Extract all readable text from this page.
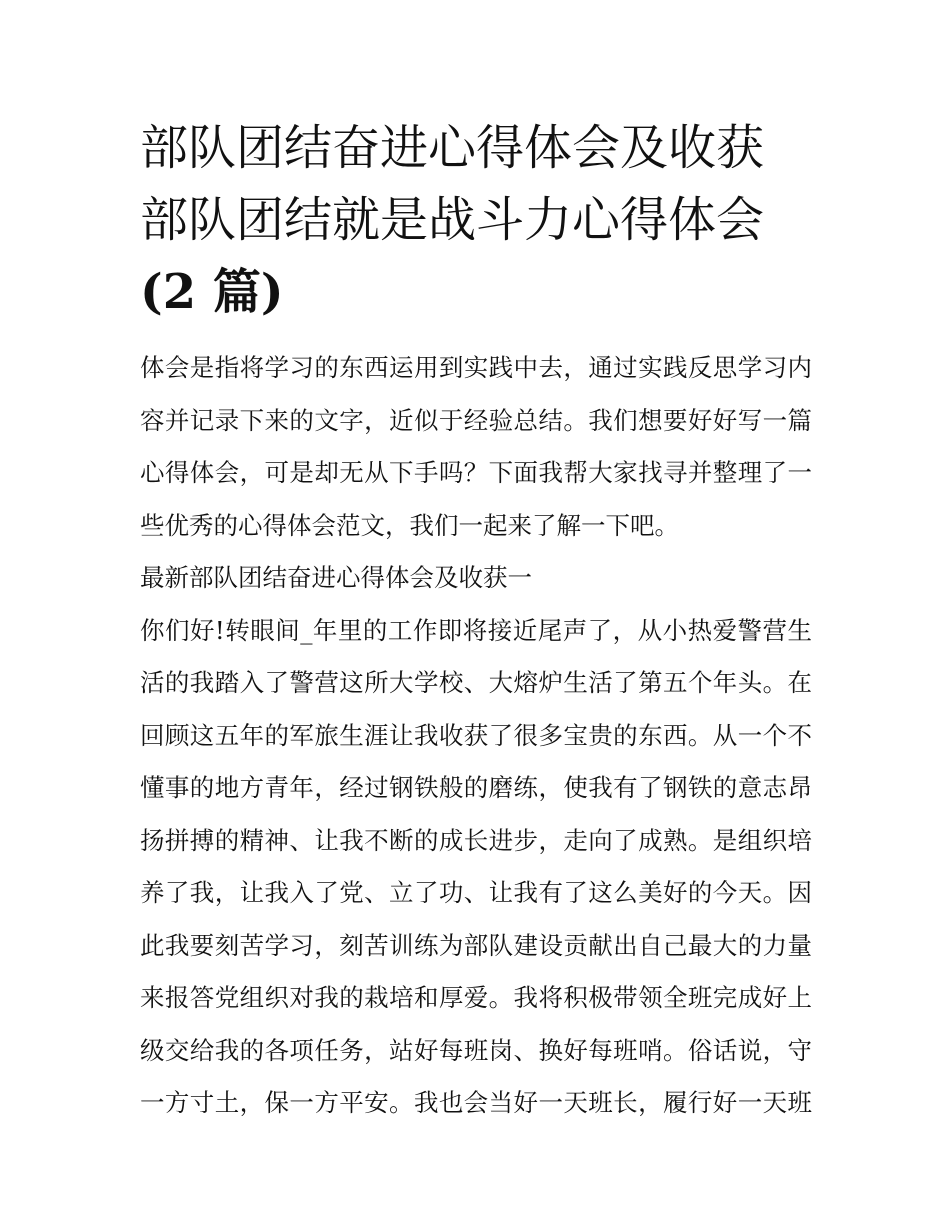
部队团结奋进心得体会及收获
部队团结就是战斗力心得体会
(2 篇)
体会是指将学习的东西运用到实践中去，通过实践反思学习内
容并记录下来的文字，近似于经验总结。我们想要好好写一篇
心得体会，可是却无从下手吗？下面我帮大家找寻并整理了一
些优秀的心得体会范文，我们一起来了解一下吧。
最新部队团结奋进心得体会及收获一
你们好!转眼间_年里的工作即将接近尾声了，从小热爱警营生
活的我踏入了警营这所大学校、大熔炉生活了第五个年头。在
回顾这五年的军旅生涯让我收获了很多宝贵的东西。从一个不
懂事的地方青年，经过钢铁般的磨练，使我有了钢铁的意志昂
扬拼搏的精神、让我不断的成长进步，走向了成熟。是组织培
养了我，让我入了党、立了功、让我有了这么美好的今天。因
此我要刻苦学习，刻苦训练为部队建设贡献出自己最大的力量
来报答党组织对我的栽培和厚爱。我将积极带领全班完成好上
级交给我的各项任务，站好每班岗、换好每班哨。俗话说，守
一方寸土，保一方平安。我也会当好一天班长，履行好一天班
